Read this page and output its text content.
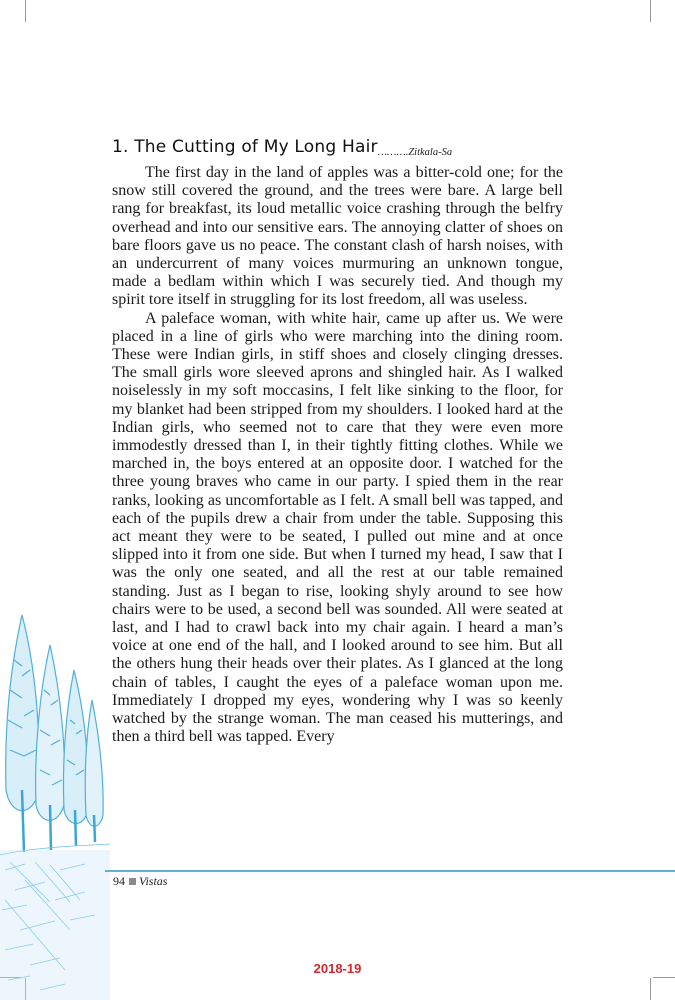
1. The Cutting of My Long Hair……….Zitkala-Sa

The first day in the land of apples was a bitter-cold one; for the snow still covered the ground, and the trees were bare. A large bell rang for breakfast, its loud metallic voice crashing through the belfry overhead and into our sensitive ears. The annoying clatter of shoes on bare floors gave us no peace. The constant clash of harsh noises, with an undercurrent of many voices murmuring an unknown tongue, made a bedlam within which I was securely tied. And though my spirit tore itself in struggling for its lost freedom, all was useless.

A paleface woman, with white hair, came up after us. We were placed in a line of girls who were marching into the dining room. These were Indian girls, in stiff shoes and closely clinging dresses. The small girls wore sleeved aprons and shingled hair. As I walked noiselessly in my soft moccasins, I felt like sinking to the floor, for my blanket had been stripped from my shoulders. I looked hard at the Indian girls, who seemed not to care that they were even more immodestly dressed than I, in their tightly fitting clothes. While we marched in, the boys entered at an opposite door. I watched for the three young braves who came in our party. I spied them in the rear ranks, looking as uncomfortable as I felt. A small bell was tapped, and each of the pupils drew a chair from under the table. Supposing this act meant they were to be seated, I pulled out mine and at once slipped into it from one side. But when I turned my head, I saw that I was the only one seated, and all the rest at our table remained standing. Just as I began to rise, looking shyly around to see how chairs were to be used, a second bell was sounded. All were seated at last, and I had to crawl back into my chair again. I heard a man’s voice at one end of the hall, and I looked around to see him. But all the others hung their heads over their plates. As I glanced at the long chain of tables, I caught the eyes of a paleface woman upon me. Immediately I dropped my eyes, wondering why I was so keenly watched by the strange woman. The man ceased his mutterings, and then a third bell was tapped. Every

94 Vistas
2018-19
